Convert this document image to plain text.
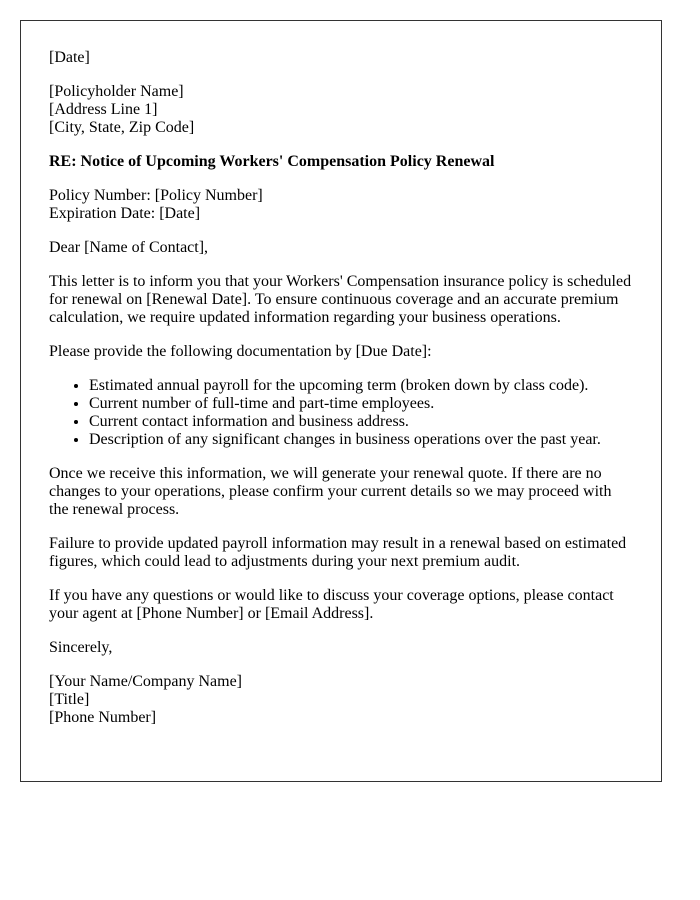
[Date]

[Policyholder Name]
[Address Line 1]
[City, State, Zip Code]

RE: Notice of Upcoming Workers' Compensation Policy Renewal

Policy Number: [Policy Number]
Expiration Date: [Date]

Dear [Name of Contact],

This letter is to inform you that your Workers' Compensation insurance policy is scheduled for renewal on [Renewal Date]. To ensure continuous coverage and an accurate premium calculation, we require updated information regarding your business operations.

Please provide the following documentation by [Due Date]:

• Estimated annual payroll for the upcoming term (broken down by class code).
• Current number of full-time and part-time employees.
• Current contact information and business address.
• Description of any significant changes in business operations over the past year.

Once we receive this information, we will generate your renewal quote. If there are no changes to your operations, please confirm your current details so we may proceed with the renewal process.

Failure to provide updated payroll information may result in a renewal based on estimated figures, which could lead to adjustments during your next premium audit.

If you have any questions or would like to discuss your coverage options, please contact your agent at [Phone Number] or [Email Address].

Sincerely,

[Your Name/Company Name]
[Title]
[Phone Number]
